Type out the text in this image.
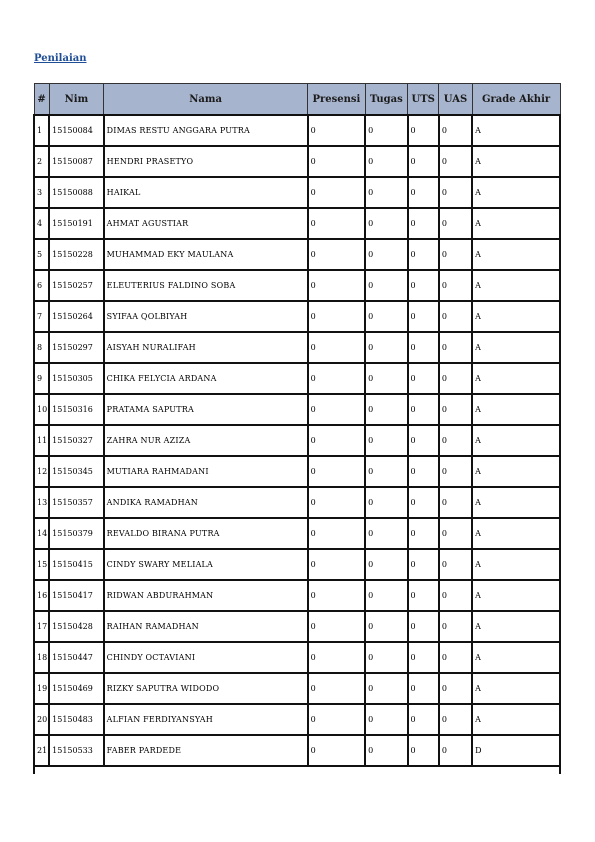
Penilaian
#	Nim	Nama	Presensi	Tugas	UTS	UAS	Grade Akhir
1	15150084	DIMAS RESTU ANGGARA PUTRA	0	0	0	0	A
2	15150087	HENDRI PRASETYO	0	0	0	0	A
3	15150088	HAIKAL	0	0	0	0	A
4	15150191	AHMAT AGUSTIAR	0	0	0	0	A
5	15150228	MUHAMMAD EKY MAULANA	0	0	0	0	A
6	15150257	ELEUTERIUS FALDINO SOBA	0	0	0	0	A
7	15150264	SYIFAA QOLBIYAH	0	0	0	0	A
8	15150297	AISYAH NURALIFAH	0	0	0	0	A
9	15150305	CHIKA FELYCIA ARDANA	0	0	0	0	A
10	15150316	PRATAMA SAPUTRA	0	0	0	0	A
11	15150327	ZAHRA NUR AZIZA	0	0	0	0	A
12	15150345	MUTIARA RAHMADANI	0	0	0	0	A
13	15150357	ANDIKA RAMADHAN	0	0	0	0	A
14	15150379	REVALDO BIRANA PUTRA	0	0	0	0	A
15	15150415	CINDY SWARY MELIALA	0	0	0	0	A
16	15150417	RIDWAN ABDURAHMAN	0	0	0	0	A
17	15150428	RAIHAN RAMADHAN	0	0	0	0	A
18	15150447	CHINDY OCTAVIANI	0	0	0	0	A
19	15150469	RIZKY SAPUTRA WIDODO	0	0	0	0	A
20	15150483	ALFIAN FERDIYANSYAH	0	0	0	0	A
21	15150533	FABER PARDEDE	0	0	0	0	D
